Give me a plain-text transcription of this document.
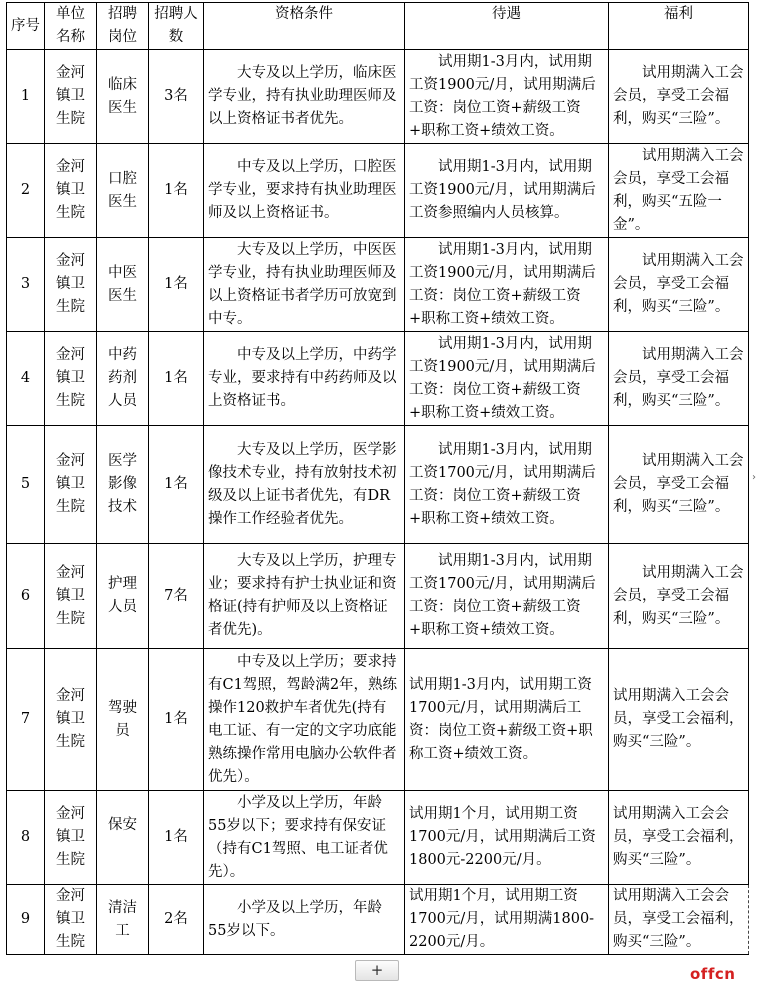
序号	单位名称	招聘岗位	招聘人数	资格条件	待遇	福利
1	金河镇卫生院	临床医生	3名	大专及以上学历，临床医学专业，持有执业助理医师及以上资格证书者优先。	试用期1-3月内，试用期工资1900元/月，试用期满后工资：岗位工资+薪级工资+职称工资+绩效工资。	试用期满入工会会员，享受工会福利，购买“三险”。
2	金河镇卫生院	口腔医生	1名	中专及以上学历，口腔医学专业，要求持有执业助理医师及以上资格证书。	试用期1-3月内，试用期工资1900元/月，试用期满后工资参照编内人员核算。	试用期满入工会会员，享受工会福利，购买“五险一金”。
3	金河镇卫生院	中医医生	1名	大专及以上学历，中医医学专业，持有执业助理医师及以上资格证书者学历可放宽到中专。	试用期1-3月内，试用期工资1900元/月，试用期满后工资：岗位工资+薪级工资+职称工资+绩效工资。	试用期满入工会会员，享受工会福利，购买“三险”。
4	金河镇卫生院	中药药剂人员	1名	中专及以上学历，中药学专业，要求持有中药药师及以上资格证书。	试用期1-3月内，试用期工资1900元/月，试用期满后工资：岗位工资+薪级工资+职称工资+绩效工资。	试用期满入工会会员，享受工会福利，购买“三险”。
5	金河镇卫生院	医学影像技术	1名	大专及以上学历，医学影像技术专业，持有放射技术初级及以上证书者优先，有DR操作工作经验者优先。	试用期1-3月内，试用期工资1700元/月，试用期满后工资：岗位工资+薪级工资+职称工资+绩效工资。	试用期满入工会会员，享受工会福利，购买“三险”。
6	金河镇卫生院	护理人员	7名	大专及以上学历，护理专业；要求持有护士执业证和资格证(持有护师及以上资格证者优先)。	试用期1-3月内，试用期工资1700元/月，试用期满后工资：岗位工资+薪级工资+职称工资+绩效工资。	试用期满入工会会员，享受工会福利，购买“三险”。
7	金河镇卫生院	驾驶员	1名	中专及以上学历；要求持有C1驾照，驾龄满2年，熟练操作120救护车者优先(持有电工证、有一定的文字功底能熟练操作常用电脑办公软件者优先）。	试用期1-3月内，试用期工资1700元/月，试用期满后工资：岗位工资+薪级工资+职称工资+绩效工资。	试用期满入工会会员，享受工会福利，购买“三险”。
8	金河镇卫生院	保安	1名	小学及以上学历，年龄55岁以下；要求持有保安证（持有C1驾照、电工证者优先）。	试用期1个月，试用期工资1700元/月，试用期满后工资1800元-2200元/月。	试用期满入工会会员，享受工会福利，购买“三险”。
9	金河镇卫生院	清洁工	2名	小学及以上学历，年龄55岁以下。	试用期1个月，试用期工资1700元/月，试用期满1800-2200元/月。	试用期满入工会会员，享受工会福利，购买“三险”。
›
+	offcn
